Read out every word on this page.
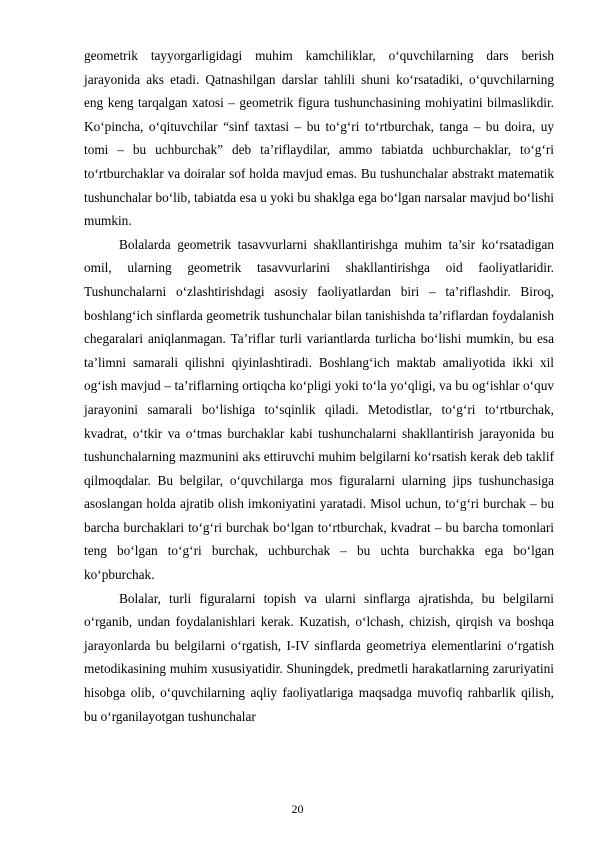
geometrik tayyorgarligidagi muhim kamchiliklar, o‘quvchilarning dars berish jarayonida aks etadi. Qatnashilgan darslar tahlili shuni ko‘rsatadiki, o‘quvchilarning eng keng tarqalgan xatosi – geometrik figura tushunchasining mohiyatini bilmaslikdir. Ko‘pincha, o‘qituvchilar “sinf taxtasi – bu to‘g‘ri to‘rtburchak, tanga – bu doira, uy tomi – bu uchburchak” deb ta’riflaydilar, ammo tabiatda uchburchaklar, to‘g‘ri to‘rtburchaklar va doiralar sof holda mavjud emas. Bu tushunchalar abstrakt matematik tushunchalar bo‘lib, tabiatda esa u yoki bu shaklga ega bo‘lgan narsalar mavjud bo‘lishi mumkin.

Bolalarda geometrik tasavvurlarni shakllantirishga muhim ta’sir ko‘rsatadigan omil, ularning geometrik tasavvurlarini shakllantirishga oid faoliyatlaridir. Tushunchalarni o‘zlashtirishdagi asosiy faoliyatlardan biri – ta’riflashdir. Biroq, boshlang‘ich sinflarda geometrik tushunchalar bilan tanishishda ta’riflardan foydalanish chegaralari aniqlanmagan. Ta’riflar turli variantlarda turlicha bo‘lishi mumkin, bu esa ta’limni samarali qilishni qiyinlashtiradi. Boshlang‘ich maktab amaliyotida ikki xil og‘ish mavjud – ta’riflarning ortiqcha ko‘pligi yoki to‘la yo‘qligi, va bu og‘ishlar o‘quv jarayonini samarali bo‘lishiga to‘sqinlik qiladi. Metodistlar, to‘g‘ri to‘rtburchak, kvadrat, o‘tkir va o‘tmas burchaklar kabi tushunchalarni shakllantirish jarayonida bu tushunchalarning mazmunini aks ettiruvchi muhim belgilarni ko‘rsatish kerak deb taklif qilmoqdalar. Bu belgilar, o‘quvchilarga mos figuralarni ularning jips tushunchasiga asoslangan holda ajratib olish imkoniyatini yaratadi. Misol uchun, to‘g‘ri burchak – bu barcha burchaklari to‘g‘ri burchak bo‘lgan to‘rtburchak, kvadrat – bu barcha tomonlari teng bo‘lgan to‘g‘ri burchak, uchburchak – bu uchta burchakka ega bo‘lgan ko‘pburchak.

Bolalar, turli figuralarni topish va ularni sinflarga ajratishda, bu belgilarni o‘rganib, undan foydalanishlari kerak. Kuzatish, o‘lchash, chizish, qirqish va boshqa jarayonlarda bu belgilarni o‘rgatish, I-IV sinflarda geometriya elementlarini o‘rgatish metodikasining muhim xususiyatidir. Shuningdek, predmetli harakatlarning zaruriyatini hisobga olib, o‘quvchilarning aqliy faoliyatlariga maqsadga muvofiq rahbarlik qilish, bu o‘rganilayotgan tushunchalar

20
